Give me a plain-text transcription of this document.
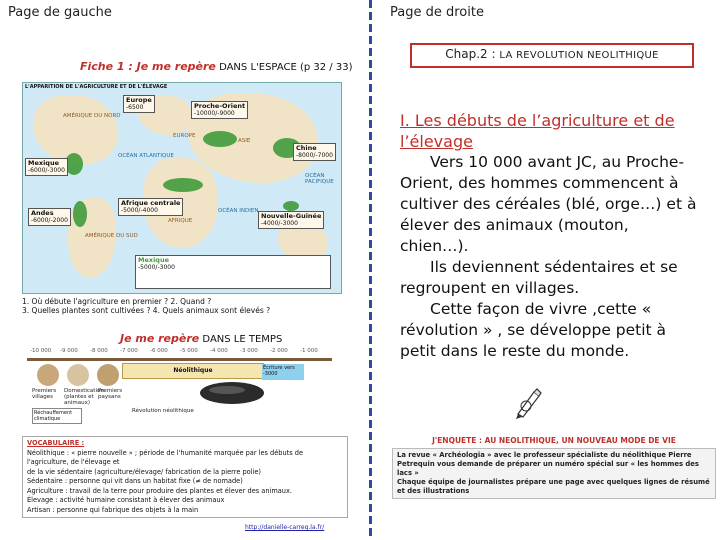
Page de gauche	Page de droite
Chap.2 : LA REVOLUTION NEOLITHIQUE
I. Les débuts de l’agriculture et de l’élevage
Vers 10 000 avant JC, au Proche-Orient, des hommes commencent à cultiver des céréales (blé, orge…) et à élever des animaux (mouton, chien…).
Ils deviennent sédentaires et se regroupent en villages.
Cette façon de vivre ,cette « révolution » , se développe petit à petit dans le reste du monde.
J'ENQUETE : AU NEOLITHIQUE, UN NOUVEAU MODE DE VIE
La revue « Archéologia » avec le professeur spécialiste du néolithique Pierre Petrequin vous demande de préparer un numéro spécial sur « les hommes des lacs »
Chaque équipe de journalistes prépare une page avec quelques lignes de résumé et des illustrations
Fiche 1 : Je me repère DANS L'ESPACE (p 32 / 33)
L'APPARITION DE L'AGRICULTURE ET DE L'ÉLEVAGE
AMÉRIQUE DU NORD
EUROPE
ASIE
AFRIQUE
AMÉRIQUE DU SUD
OCÉAN ATLANTIQUE
OCÉAN INDIEN
OCÉAN PACIFIQUE
Europe
-6500	Proche-Orient
-10000/-9000
Chine
-8000/-7000
Mexique
-6000/-3000
Andes
-6000/-2000
Afrique centrale
-5000/-4000
Nouvelle-Guinée
-4000/-3000
Mexique
-5000/-3000
1. Où débute l'agriculture en premier ? 2. Quand ?
3. Quelles plantes sont cultivées ? 4. Quels animaux sont élevés ?
Je me repère DANS LE TEMPS
-10 000 -9 000 -8 000 -7 000 -6 000 -5 000 -4 000 -3 000 -2 000 -1 000
Néolithique	Écriture vers -3000
Premiers villages
Domestication (plantes et animaux)
Premiers paysans
Réchauffement climatique
Révolution néolithique
VOCABULAIRE :
Néolithique : « pierre nouvelle » ; période de l'humanité marquée par les débuts de l'agriculture, de l'élevage et
de la vie sédentaire (agriculture/élevage/ fabrication de la pierre polie)
Sédentaire : personne qui vit dans un habitat fixe (≠ de nomade)
Agriculture : travail de la terre pour produire des plantes et élever des animaux.
Élevage : activité humaine consistant à élever des animaux
Artisan : personne qui fabrique des objets à la main
http://danielle-carreg.la.fr/
